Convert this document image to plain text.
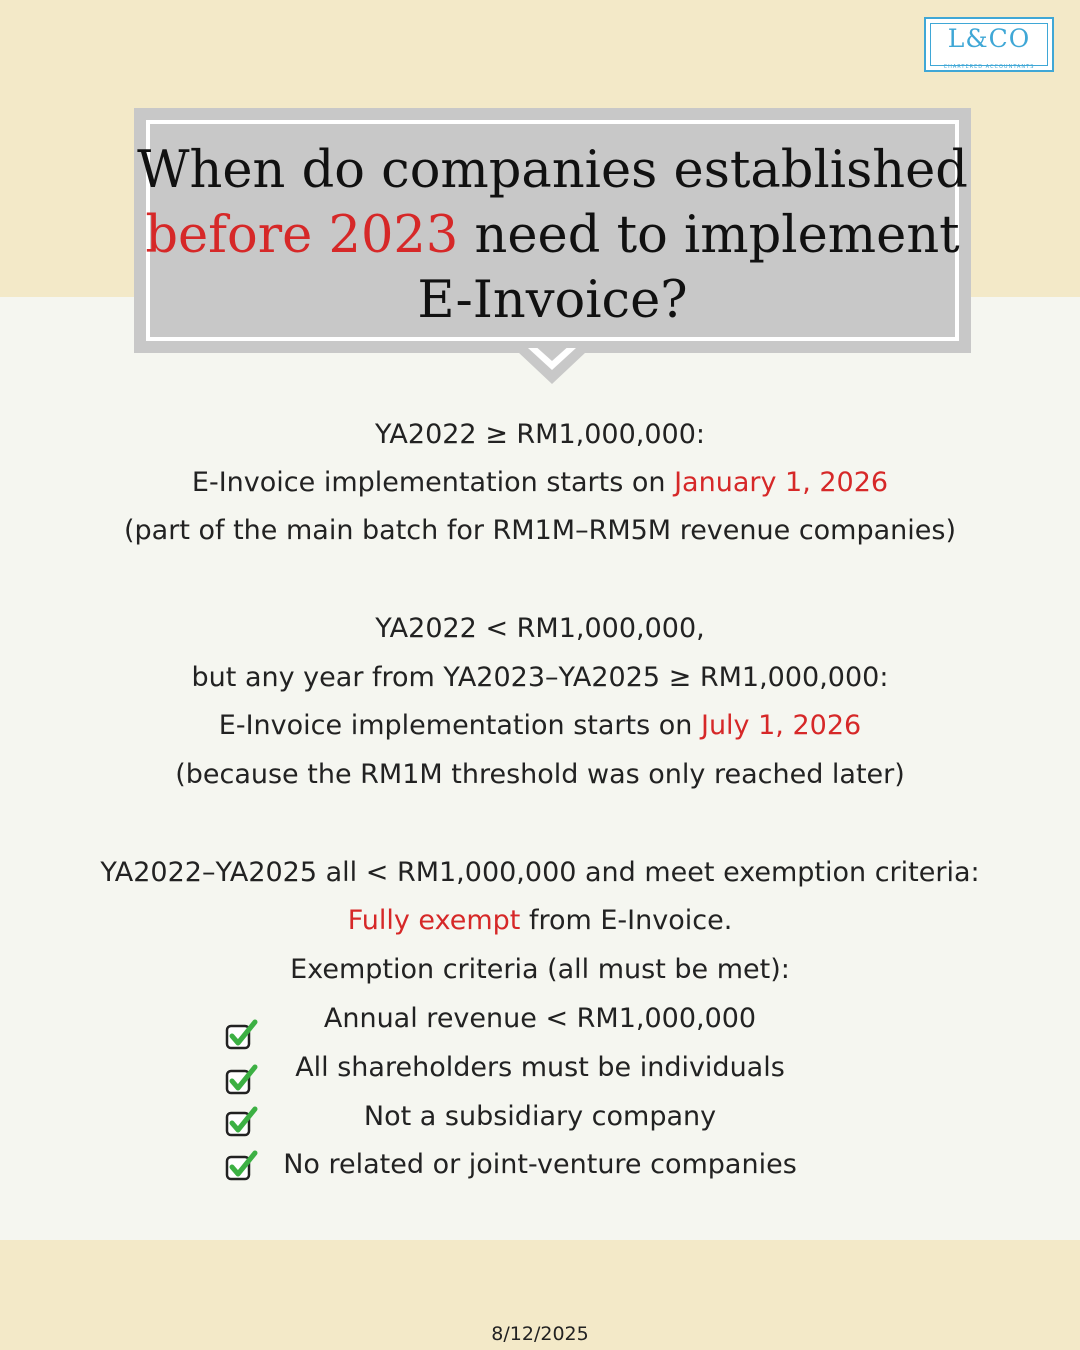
L&CO
CHARTERED ACCOUNTANTS
When do companies established
before 2023 need to implement
E-Invoice?
YA2022 ≥ RM1,000,000:
E-Invoice implementation starts on January 1, 2026
(part of the main batch for RM1M–RM5M revenue companies)
YA2022 < RM1,000,000,
but any year from YA2023–YA2025 ≥ RM1,000,000:
E-Invoice implementation starts on July 1, 2026
(because the RM1M threshold was only reached later)
YA2022–YA2025 all < RM1,000,000 and meet exemption criteria:
Fully exempt from E-Invoice.
Exemption criteria (all must be met):
Annual revenue < RM1,000,000
All shareholders must be individuals
Not a subsidiary company
No related or joint-venture companies
8/12/2025
